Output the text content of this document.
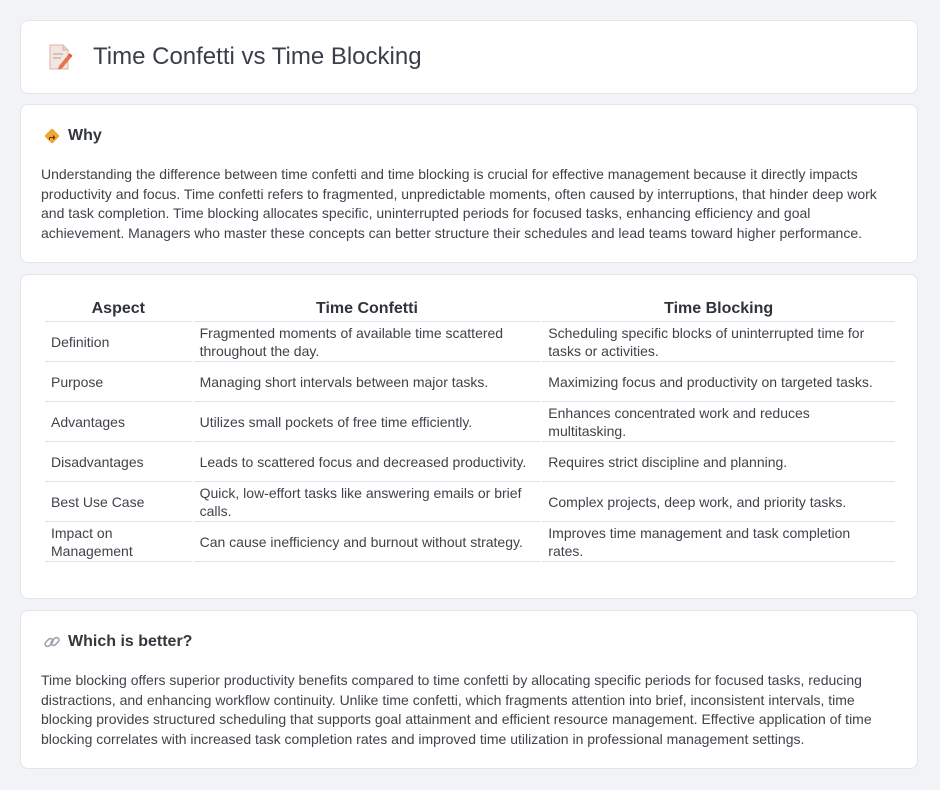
Time Confetti vs Time Blocking
Why

Understanding the difference between time confetti and time blocking is crucial for effective management because it directly impacts productivity and focus. Time confetti refers to fragmented, unpredictable moments, often caused by interruptions, that hinder deep work and task completion. Time blocking allocates specific, uninterrupted periods for focused tasks, enhancing efficiency and goal achievement. Managers who master these concepts can better structure their schedules and lead teams toward higher performance.

Aspect	Time Confetti	Time Blocking
Definition	Fragmented moments of available time scattered throughout the day.	Scheduling specific blocks of uninterrupted time for tasks or activities.
Purpose	Managing short intervals between major tasks.	Maximizing focus and productivity on targeted tasks.
Advantages	Utilizes small pockets of free time efficiently.	Enhances concentrated work and reduces multitasking.
Disadvantages	Leads to scattered focus and decreased productivity.	Requires strict discipline and planning.
Best Use Case	Quick, low-effort tasks like answering emails or brief calls.	Complex projects, deep work, and priority tasks.
Impact on Management	Can cause inefficiency and burnout without strategy.	Improves time management and task completion rates.
Which is better?

Time blocking offers superior productivity benefits compared to time confetti by allocating specific periods for focused tasks, reducing distractions, and enhancing workflow continuity. Unlike time confetti, which fragments attention into brief, inconsistent intervals, time blocking provides structured scheduling that supports goal attainment and efficient resource management. Effective application of time blocking correlates with increased task completion rates and improved time utilization in professional management settings.
